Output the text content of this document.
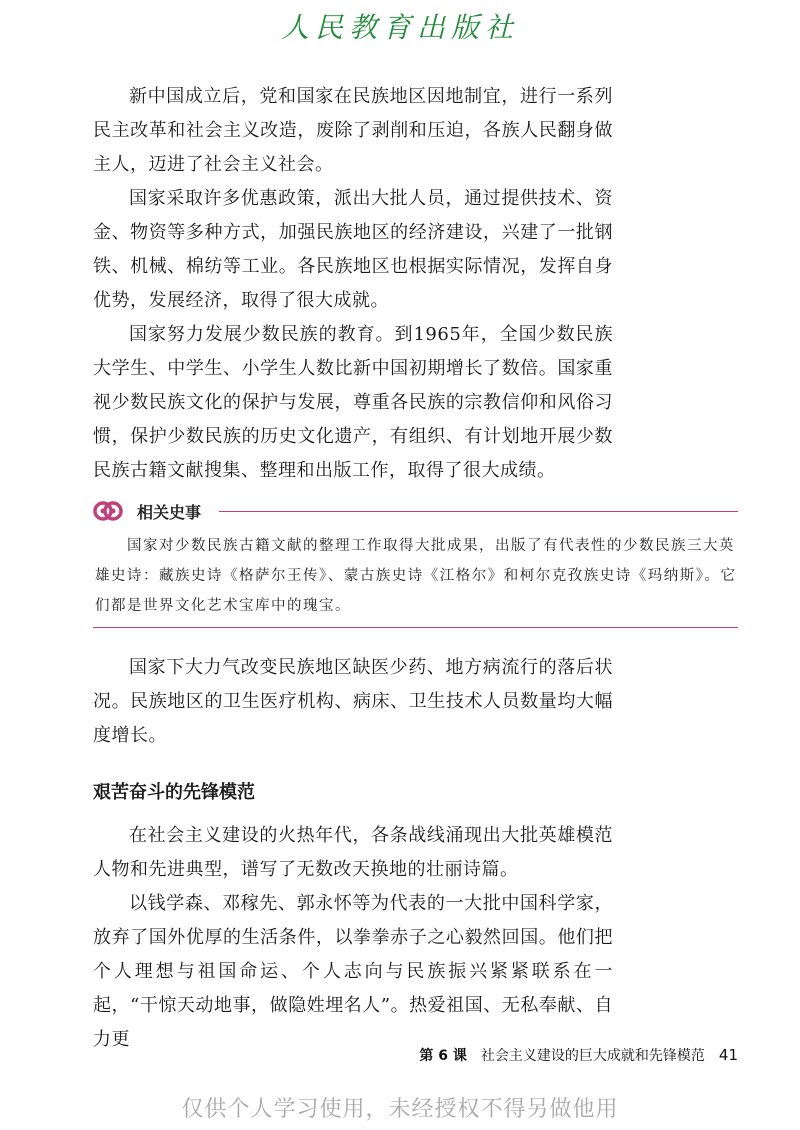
人民教育出版社

新中国成立后，党和国家在民族地区因地制宜，进行一系列民主改革和社会主义改造，废除了剥削和压迫，各族人民翻身做主人，迈进了社会主义社会。

国家采取许多优惠政策，派出大批人员，通过提供技术、资金、物资等多种方式，加强民族地区的经济建设，兴建了一批钢铁、机械、棉纺等工业。各民族地区也根据实际情况，发挥自身优势，发展经济，取得了很大成就。

国家努力发展少数民族的教育。到1965年，全国少数民族大学生、中学生、小学生人数比新中国初期增长了数倍。国家重视少数民族文化的保护与发展，尊重各民族的宗教信仰和风俗习惯，保护少数民族的历史文化遗产，有组织、有计划地开展少数民族古籍文献搜集、整理和出版工作，取得了很大成绩。

相关史事

国家对少数民族古籍文献的整理工作取得大批成果，出版了有代表性的少数民族三大英雄史诗：藏族史诗《格萨尔王传》、蒙古族史诗《江格尔》和柯尔克孜族史诗《玛纳斯》。它们都是世界文化艺术宝库中的瑰宝。

国家下大力气改变民族地区缺医少药、地方病流行的落后状况。民族地区的卫生医疗机构、病床、卫生技术人员数量均大幅度增长。

艰苦奋斗的先锋模范

在社会主义建设的火热年代，各条战线涌现出大批英雄模范人物和先进典型，谱写了无数改天换地的壮丽诗篇。

以钱学森、邓稼先、郭永怀等为代表的一大批中国科学家，放弃了国外优厚的生活条件，以拳拳赤子之心毅然回国。他们把个人理想与祖国命运、个人志向与民族振兴紧紧联系在一起，“干惊天动地事，做隐姓埋名人”。热爱祖国、无私奉献、自力更

第 6 课 社会主义建设的巨大成就和先锋模范 41
仅供个人学习使用，未经授权不得另做他用
